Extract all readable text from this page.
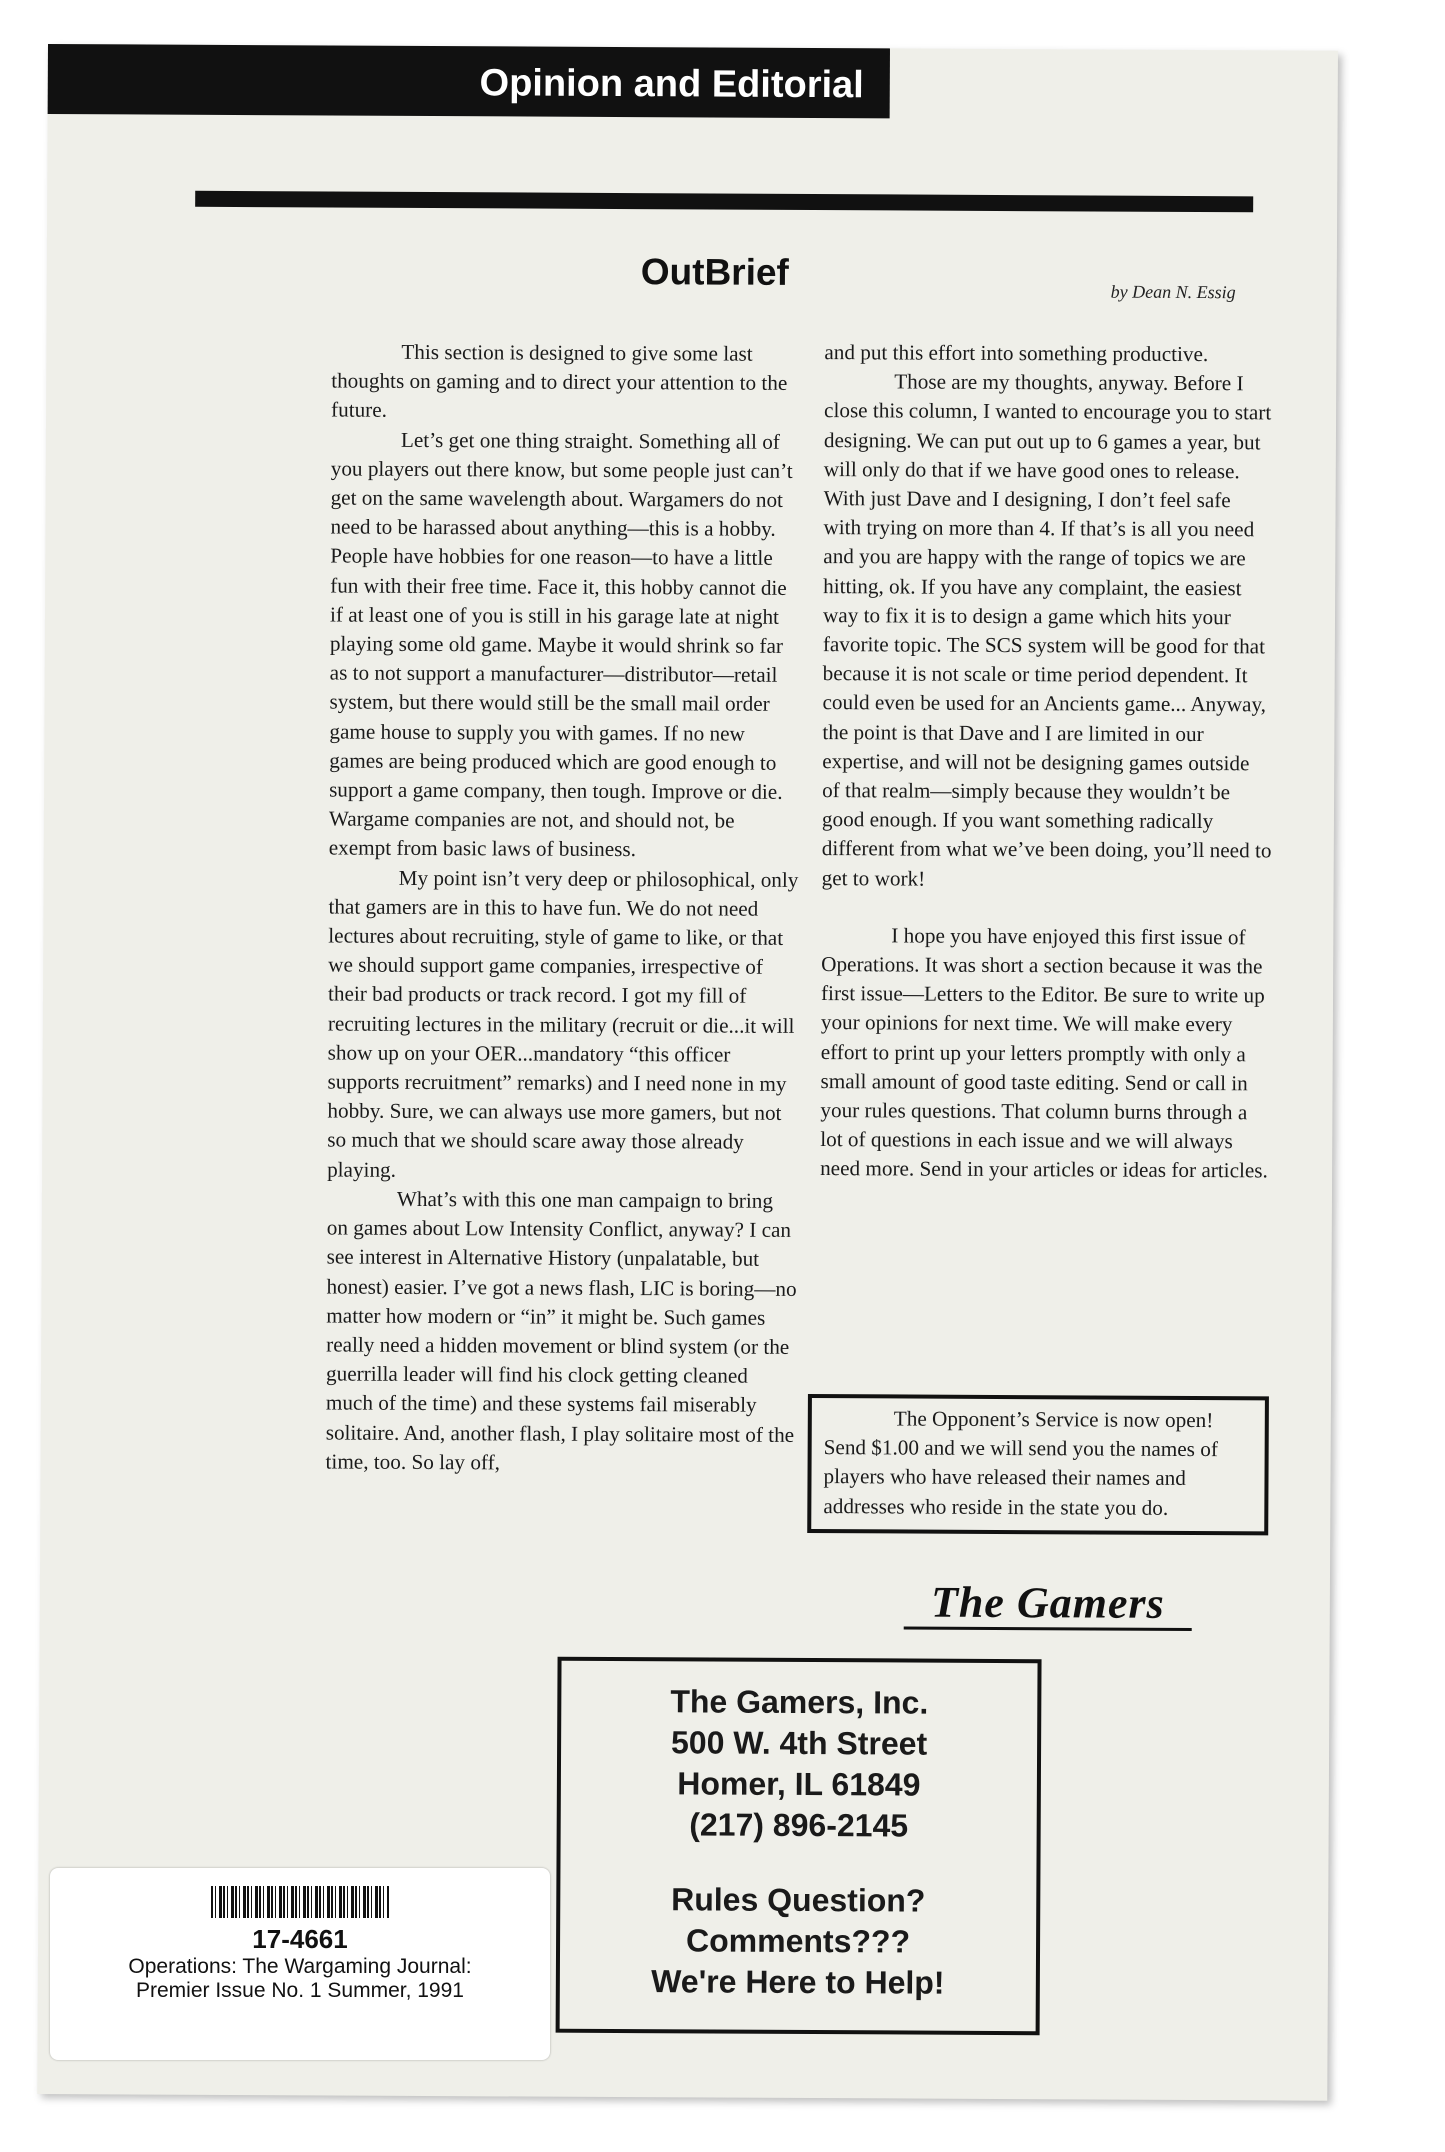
Opinion and Editorial
OutBrief	by Dean N. Essig

This section is designed to give some last thoughts on gaming and to direct your attention to the future.

Let’s get one thing straight. Something all of you players out there know, but some people just can’t get on the same wavelength about. Wargamers do not need to be harassed about anything—this is a hobby. People have hobbies for one reason—to have a little fun with their free time. Face it, this hobby cannot die if at least one of you is still in his garage late at night playing some old game. Maybe it would shrink so far as to not support a manufacturer—distributor—retail system, but there would still be the small mail order game house to supply you with games. If no new games are being produced which are good enough to support a game company, then tough. Improve or die. Wargame companies are not, and should not, be exempt from basic laws of business.

My point isn’t very deep or philosophical, only that gamers are in this to have fun. We do not need lectures about recruiting, style of game to like, or that we should support game companies, irrespective of their bad products or track record. I got my fill of recruiting lectures in the military (recruit or die...it will show up on your OER...mandatory “this officer supports recruitment” remarks) and I need none in my hobby. Sure, we can always use more gamers, but not so much that we should scare away those already playing.

What’s with this one man campaign to bring on games about Low Intensity Conflict, anyway? I can see interest in Alternative History (unpalatable, but honest) easier. I’ve got a news flash, LIC is boring—no matter how modern or “in” it might be. Such games really need a hidden movement or blind system (or the guerrilla leader will find his clock getting cleaned much of the time) and these systems fail miserably solitaire. And, another flash, I play solitaire most of the time, too. So lay off,

and put this effort into something productive.

Those are my thoughts, anyway. Before I close this column, I wanted to encourage you to start designing. We can put out up to 6 games a year, but will only do that if we have good ones to release. With just Dave and I designing, I don’t feel safe with trying on more than 4. If that’s is all you need and you are happy with the range of topics we are hitting, ok. If you have any complaint, the easiest way to fix it is to design a game which hits your favorite topic. The SCS system will be good for that because it is not scale or time period dependent. It could even be used for an Ancients game... Anyway, the point is that Dave and I are limited in our expertise, and will not be designing games outside of that realm—simply because they wouldn’t be good enough. If you want something radically different from what we’ve been doing, you’ll need to get to work!

I hope you have enjoyed this first issue of Operations. It was short a section because it was the first issue—Letters to the Editor. Be sure to write up your opinions for next time. We will make every effort to print up your letters promptly with only a small amount of good taste editing. Send or call in your rules questions. That column burns through a lot of questions in each issue and we will always need more. Send in your articles or ideas for articles.

The Opponent’s Service is now open! Send $1.00 and we will send you the names of players who have released their names and addresses who reside in the state you do.

The Gamers
The Gamers, Inc.
500 W. 4th Street
Homer, IL 61849
(217) 896-2145
Rules Question?
Comments???
We're Here to Help!
17-4661
Operations: The Wargaming Journal:
Premier Issue No. 1 Summer, 1991
